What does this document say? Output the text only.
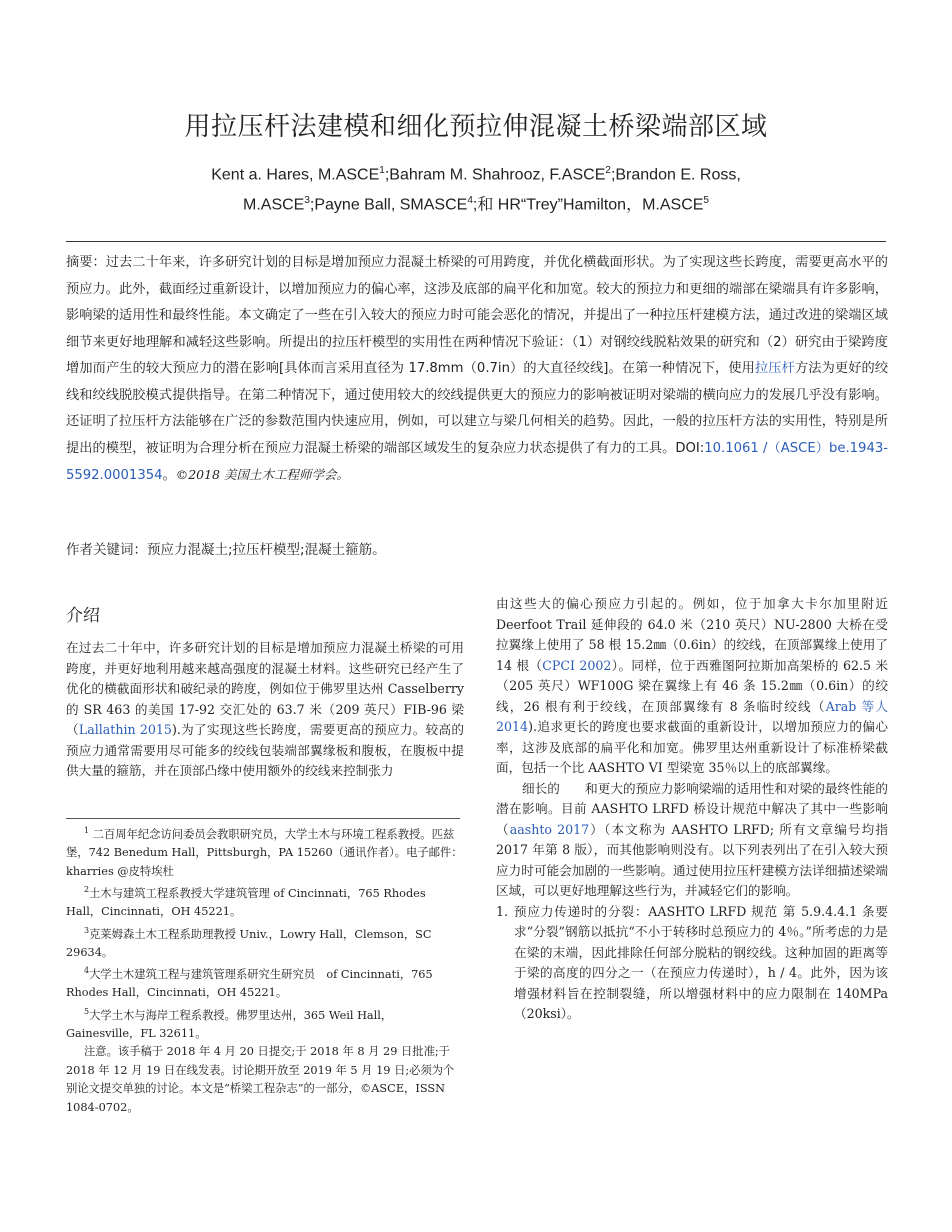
用拉压杆法建模和细化预拉伸混凝土桥梁端部区域
Kent a. Hares, M.ASCE$^1$;Bahram M. Shahrooz, F.ASCE$^2$;Brandon E. Ross,
M.ASCE$^3$;Payne Ball, SMASCE$^4$;和 HR“Trey”Hamilton，M.ASCE$^5$
摘要：过去二十年来，许多研究计划的目标是增加预应力混凝土桥梁的可用跨度，并优化横截面形状。为了实现这些长跨度，需要更高水平的预应力。此外，截面经过重新设计，以增加预应力的偏心率，这涉及底部的扁平化和加宽。较大的预拉力和更细的端部在梁端具有许多影响，影响梁的适用性和最终性能。本文确定了一些在引入较大的预应力时可能会恶化的情况，并提出了一种拉压杆建模方法，通过改进的梁端区域细节来更好地理解和减轻这些影响。所提出的拉压杆模型的实用性在两种情况下验证：（1）对钢绞线脱粘效果的研究和（2）研究由于梁跨度增加而产生的较大预应力的潜在影响[具体而言采用直径为 17.8mm（0.7in）的大直径绞线]。在第一种情况下，使用拉压杆方法为更好的绞线和绞线脱胶模式提供指导。在第二种情况下，通过使用较大的绞线提供更大的预应力的影响被证明对梁端的横向应力的发展几乎没有影响。还证明了拉压杆方法能够在广泛的参数范围内快速应用，例如，可以建立与梁几何相关的趋势。因此，一般的拉压杆方法的实用性，特别是所提出的模型，被证明为合理分析在预应力混凝土桥梁的端部区域发生的复杂应力状态提供了有力的工具。DOI:10.1061 /（ASCE）be.1943-5592.0001354。©2018 美国土木工程师学会。
作者关键词：预应力混凝土;拉压杆模型;混凝土箍筋。
介绍

在过去二十年中，许多研究计划的目标是增加预应力混凝土桥梁的可用跨度，并更好地利用越来越高强度的混凝土材料。这些研究已经产生了优化的横截面形状和破纪录的跨度，例如位于佛罗里达州 Casselberry 的 SR 463 的美国 17-92 交汇处的 63.7 米（209 英尺）FIB-96 梁（Lallathin 2015).为了实现这些长跨度，需要更高的预应力。较高的预应力通常需要用尽可能多的绞线包装端部翼缘板和腹板，在腹板中提供大量的箍筋，并在顶部凸缘中使用额外的绞线来控制张力

$^1$ 二百周年纪念访问委员会教职研究员，大学土木与环境工程系教授。匹兹堡，742 Benedum Hall，Pittsburgh，PA 15260（通讯作者）。电子邮件：kharries @皮特埃杜

$^2$土木与建筑工程系教授大学建筑管理 of Cincinnati，765 Rhodes Hall，Cincinnati，OH 45221。

$^3$克莱姆森土木工程系助理教授 Univ.，Lowry Hall，Clemson，SC 29634。

$^4$大学土木建筑工程与建筑管理系研究生研究员　of Cincinnati，765 Rhodes Hall，Cincinnati，OH 45221。

$^5$大学土木与海岸工程系教授。佛罗里达州，365 Weil Hall，Gainesville，FL 32611。

注意。该手稿于 2018 年 4 月 20 日提交;于 2018 年 8 月 29 日批准;于 2018 年 12 月 19 日在线发表。讨论期开放至 2019 年 5 月 19 日;必须为个别论文提交单独的讨论。本文是“桥梁工程杂志”的一部分，©ASCE，ISSN 1084-0702。

由这些大的偏心预应力引起的。例如，位于加拿大卡尔加里附近 Deerfoot Trail 延伸段的 64.0 米（210 英尺）NU-2800 大桥在受拉翼缘上使用了 58 根 15.2㎜（0.6in）的绞线，在顶部翼缘上使用了 14 根（CPCI 2002）。同样，位于西雅图阿拉斯加高架桥的 62.5 米（205 英尺）WF100G 梁在翼缘上有 46 条 15.2㎜（0.6in）的绞线，26 根有利于绞线，在顶部翼缘有 8 条临时绞线（Arab 等人 2014).追求更长的跨度也要求截面的重新设计，以增加预应力的偏心率，这涉及底部的扁平化和加宽。佛罗里达州重新设计了标准桥梁截面，包括一个比 AASHTO VI 型梁宽 35％以上的底部翼缘。

细长的　　和更大的预应力影响梁端的适用性和对梁的最终性能的潜在影响。目前 AASHTO LRFD 桥设计规范中解决了其中一些影响（aashto 2017）（本文称为 AASHTO LRFD; 所有文章编号均指 2017 年第 8 版），而其他影响则没有。以下列表列出了在引入较大预应力时可能会加剧的一些影响。通过使用拉压杆建模方法详细描述梁端区域，可以更好地理解这些行为，并减轻它们的影响。

1. 预应力传递时的分裂：AASHTO LRFD 规范 第 5.9.4.4.1 条要求“分裂”钢筋以抵抗“不小于转移时总预应力的 4％。”所考虑的力是在梁的末端，因此排除任何部分脱粘的钢绞线。这种加固的距离等于梁的高度的四分之一（在预应力传递时），h / 4。此外，因为该增强材料旨在控制裂缝，所以增强材料中的应力限制在 140MPa（20ksi）。
